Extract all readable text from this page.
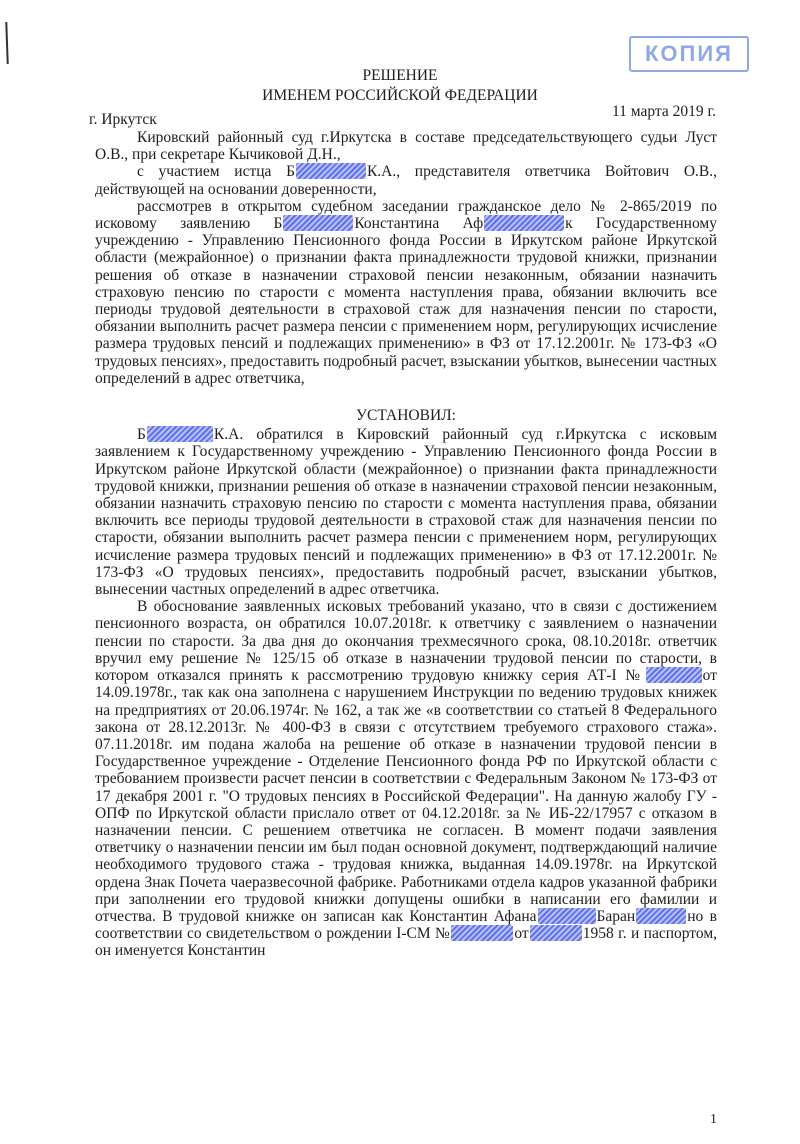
КОПИЯ
РЕШЕНИЕ
ИМЕНЕМ РОССИЙСКОЙ ФЕДЕРАЦИИ
г. Иркутск	11 марта 2019 г.

Кировский районный суд г.Иркутска в составе председательствующего судьи Луст О.В., при секретаре Кычиковой Д.Н.,

с участием истца Б	К.А., представителя ответчика Войтович О.В., действующей на основании доверенности,

рассмотрев в открытом судебном заседании гражданское дело № 2-865/2019 по исковому заявлению Б	Константина Аф	к Государственному учреждению - Управлению Пенсионного фонда России в Иркутском районе Иркутской области (межрайонное) о признании факта принадлежности трудовой книжки, признании решения об отказе в назначении страховой пенсии незаконным, обязании назначить страховую пенсию по старости с момента наступления права, обязании включить все периоды трудовой деятельности в страховой стаж для назначения пенсии по старости, обязании выполнить расчет размера пенсии с применением норм, регулирующих исчисление размера трудовых пенсий и подлежащих применению» в ФЗ от 17.12.2001г. № 173-ФЗ «О трудовых пенсиях», предоставить подробный расчет, взыскании убытков, вынесении частных определений в адрес ответчика,

УСТАНОВИЛ:

Б	К.А. обратился в Кировский районный суд г.Иркутска с исковым заявлением к Государственному учреждению - Управлению Пенсионного фонда России в Иркутском районе Иркутской области (межрайонное) о признании факта принадлежности трудовой книжки, признании решения об отказе в назначении страховой пенсии незаконным, обязании назначить страховую пенсию по старости с момента наступления права, обязании включить все периоды трудовой деятельности в страховой стаж для назначения пенсии по старости, обязании выполнить расчет размера пенсии с применением норм, регулирующих исчисление размера трудовых пенсий и подлежащих применению» в ФЗ от 17.12.2001г. № 173-ФЗ «О трудовых пенсиях», предоставить подробный расчет, взыскании убытков, вынесении частных определений в адрес ответчика.

В обоснование заявленных исковых требований указано, что в связи с достижением пенсионного возраста, он обратился 10.07.2018г. к ответчику с заявлением о назначении пенсии по старости. За два дня до окончания трехмесячного срока, 08.10.2018г. ответчик вручил ему решение № 125/15 об отказе в назначении трудовой пенсии по старости, в котором отказался принять к рассмотрению трудовую книжку серия АТ-I №	от 14.09.1978г., так как она заполнена с нарушением Инструкции по ведению трудовых книжек на предприятиях от 20.06.1974г. № 162, а так же «в соответствии со статьей 8 Федерального закона от 28.12.2013г. № 400-ФЗ в связи с отсутствием требуемого страхового стажа». 07.11.2018г. им подана жалоба на решение об отказе в назначении трудовой пенсии в Государственное учреждение - Отделение Пенсионного фонда РФ по Иркутской области с требованием произвести расчет пенсии в соответствии с Федеральным Законом № 173-ФЗ от 17 декабря 2001 г. "О трудовых пенсиях в Российской Федерации". На данную жалобу ГУ - ОПФ по Иркутской области прислало ответ от 04.12.2018г. за № ИБ-22/17957 с отказом в назначении пенсии. С решением ответчика не согласен. В момент подачи заявления ответчику о назначении пенсии им был подан основной документ, подтверждающий наличие необходимого трудового стажа - трудовая книжка, выданная 14.09.1978г. на Иркутской ордена Знак Почета чаеразвесочной фабрике. Работниками отдела кадров указанной фабрики при заполнении его трудовой книжки допущены ошибки в написании его фамилии и отчества. В трудовой книжке он записан как Константин Афана	Баран	но в соответствии со свидетельством о рождении I-СМ №	от	1958 г. и паспортом, он именуется Константин

1
